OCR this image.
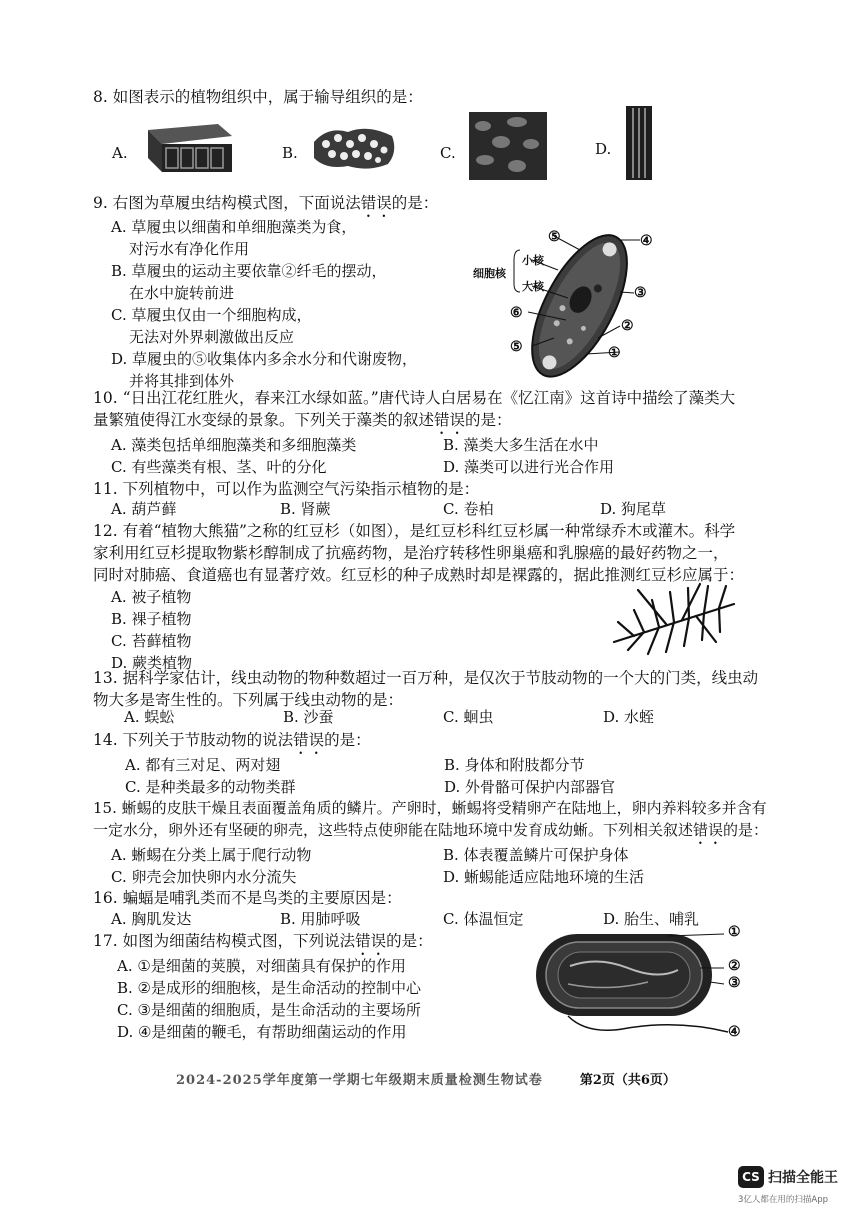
8. 如图表示的植物组织中，属于输导组织的是：
A.	B.	C.	D.
9. 右图为草履虫结构模式图，下面说法错误的是：
A. 草履虫以细菌和单细胞藻类为食，
对污水有净化作用
B. 草履虫的运动主要依靠②纤毛的摆动，
在水中旋转前进
C. 草履虫仅由一个细胞构成，
无法对外界刺激做出反应
D. 草履虫的⑤收集体内多余水分和代谢废物，
并将其排到体外
细胞核
小核
大核
⑤	④
③
⑥
②
⑤	①
10. “日出江花红胜火，春来江水绿如蓝。”唐代诗人白居易在《忆江南》这首诗中描绘了藻类大
量繁殖使得江水变绿的景象。下列关于藻类的叙述错误的是：
A. 藻类包括单细胞藻类和多细胞藻类	B. 藻类大多生活在水中
C. 有些藻类有根、茎、叶的分化	D. 藻类可以进行光合作用
11. 下列植物中，可以作为监测空气污染指示植物的是：
A. 葫芦藓	B. 肾蕨	C. 卷柏	D. 狗尾草
12. 有着“植物大熊猫”之称的红豆杉（如图），是红豆杉科红豆杉属一种常绿乔木或灌木。科学
家利用红豆杉提取物紫杉醇制成了抗癌药物，是治疗转移性卵巢癌和乳腺癌的最好药物之一，
同时对肺癌、食道癌也有显著疗效。红豆杉的种子成熟时却是裸露的，据此推测红豆杉应属于：
A. 被子植物
B. 裸子植物
C. 苔藓植物
D. 蕨类植物
13. 据科学家估计，线虫动物的物种数超过一百万种，是仅次于节肢动物的一个大的门类，线虫动
物大多是寄生性的。下列属于线虫动物的是：
A. 蜈蚣	B. 沙蚕	C. 蛔虫	D. 水蛭
14. 下列关于节肢动物的说法错误的是：
A. 都有三对足、两对翅	B. 身体和附肢都分节
C. 是种类最多的动物类群	D. 外骨骼可保护内部器官
15. 蜥蜴的皮肤干燥且表面覆盖角质的鳞片。产卵时，蜥蜴将受精卵产在陆地上，卵内养料较多并含有
一定水分，卵外还有坚硬的卵壳，这些特点使卵能在陆地环境中发育成幼蜥。下列相关叙述错误的是：
A. 蜥蜴在分类上属于爬行动物	B. 体表覆盖鳞片可保护身体
C. 卵壳会加快卵内水分流失	D. 蜥蜴能适应陆地环境的生活
16. 蝙蝠是哺乳类而不是鸟类的主要原因是：
A. 胸肌发达	B. 用肺呼吸	C. 体温恒定	D. 胎生、哺乳
17. 如图为细菌结构模式图，下列说法错误的是：
A. ①是细菌的荚膜，对细菌具有保护的作用
B. ②是成形的细胞核，是生命活动的控制中心
C. ③是细菌的细胞质，是生命活动的主要场所
D. ④是细菌的鞭毛，有帮助细菌运动的作用
①
②
③
④
2024-2025学年度第一学期七年级期末质量检测生物试卷	第2页（共6页）
CS 扫描全能王
3亿人都在用的扫描App
